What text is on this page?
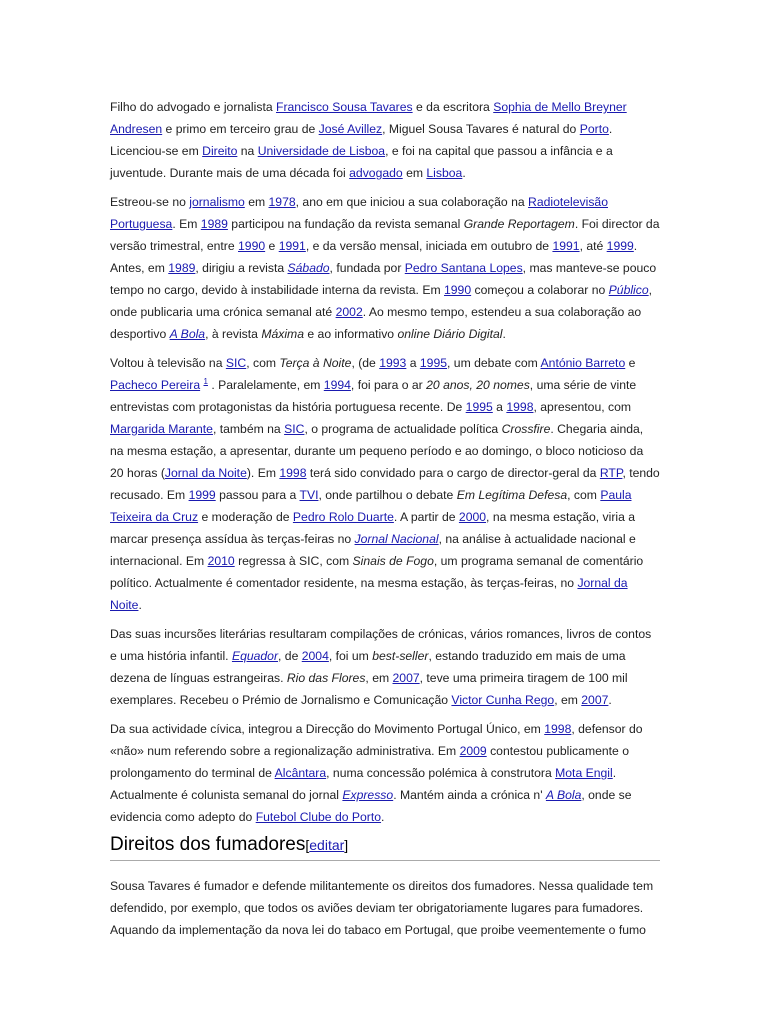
Filho do advogado e jornalista Francisco Sousa Tavares e da escritora Sophia de Mello Breyner Andresen e primo em terceiro grau de José Avillez, Miguel Sousa Tavares é natural do Porto. Licenciou-se em Direito na Universidade de Lisboa, e foi na capital que passou a infância e a juventude. Durante mais de uma década foi advogado em Lisboa.

Estreou-se no jornalismo em 1978, ano em que iniciou a sua colaboração na Radiotelevisão Portuguesa. Em 1989 participou na fundação da revista semanal Grande Reportagem. Foi director da versão trimestral, entre 1990 e 1991, e da versão mensal, iniciada em outubro de 1991, até 1999. Antes, em 1989, dirigiu a revista Sábado, fundada por Pedro Santana Lopes, mas manteve-se pouco tempo no cargo, devido à instabilidade interna da revista. Em 1990 começou a colaborar no Público, onde publicaria uma crónica semanal até 2002. Ao mesmo tempo, estendeu a sua colaboração ao desportivo A Bola, à revista Máxima e ao informativo online Diário Digital.

Voltou à televisão na SIC, com Terça à Noite, (de 1993 a 1995, um debate com António Barreto e Pacheco Pereira $^1$ . Paralelamente, em 1994, foi para o ar 20 anos, 20 nomes, uma série de vinte entrevistas com protagonistas da história portuguesa recente. De 1995 a 1998, apresentou, com Margarida Marante, também na SIC, o programa de actualidade política Crossfire. Chegaria ainda, na mesma estação, a apresentar, durante um pequeno período e ao domingo, o bloco noticioso da 20 horas (Jornal da Noite). Em 1998 terá sido convidado para o cargo de director-geral da RTP, tendo recusado. Em 1999 passou para a TVI, onde partilhou o debate Em Legítima Defesa, com Paula Teixeira da Cruz e moderação de Pedro Rolo Duarte. A partir de 2000, na mesma estação, viria a marcar presença assídua às terças-feiras no Jornal Nacional, na análise à actualidade nacional e internacional. Em 2010 regressa à SIC, com Sinais de Fogo, um programa semanal de comentário político. Actualmente é comentador residente, na mesma estação, às terças-feiras, no Jornal da Noite.

Das suas incursões literárias resultaram compilações de crónicas, vários romances, livros de contos e uma história infantil. Equador, de 2004, foi um best-seller, estando traduzido em mais de uma dezena de línguas estrangeiras. Rio das Flores, em 2007, teve uma primeira tiragem de 100 mil exemplares. Recebeu o Prémio de Jornalismo e Comunicação Victor Cunha Rego, em 2007.

Da sua actividade cívica, integrou a Direcção do Movimento Portugal Único, em 1998, defensor do «não» num referendo sobre a regionalização administrativa. Em 2009 contestou publicamente o prolongamento do terminal de Alcântara, numa concessão polémica à construtora Mota Engil. Actualmente é colunista semanal do jornal Expresso. Mantém ainda a crónica n' A Bola, onde se evidencia como adepto do Futebol Clube do Porto.

Direitos dos fumadores[editar]

Sousa Tavares é fumador e defende militantemente os direitos dos fumadores. Nessa qualidade tem defendido, por exemplo, que todos os aviões deviam ter obrigatoriamente lugares para fumadores. Aquando da implementação da nova lei do tabaco em Portugal, que proibe veementemente o fumo
